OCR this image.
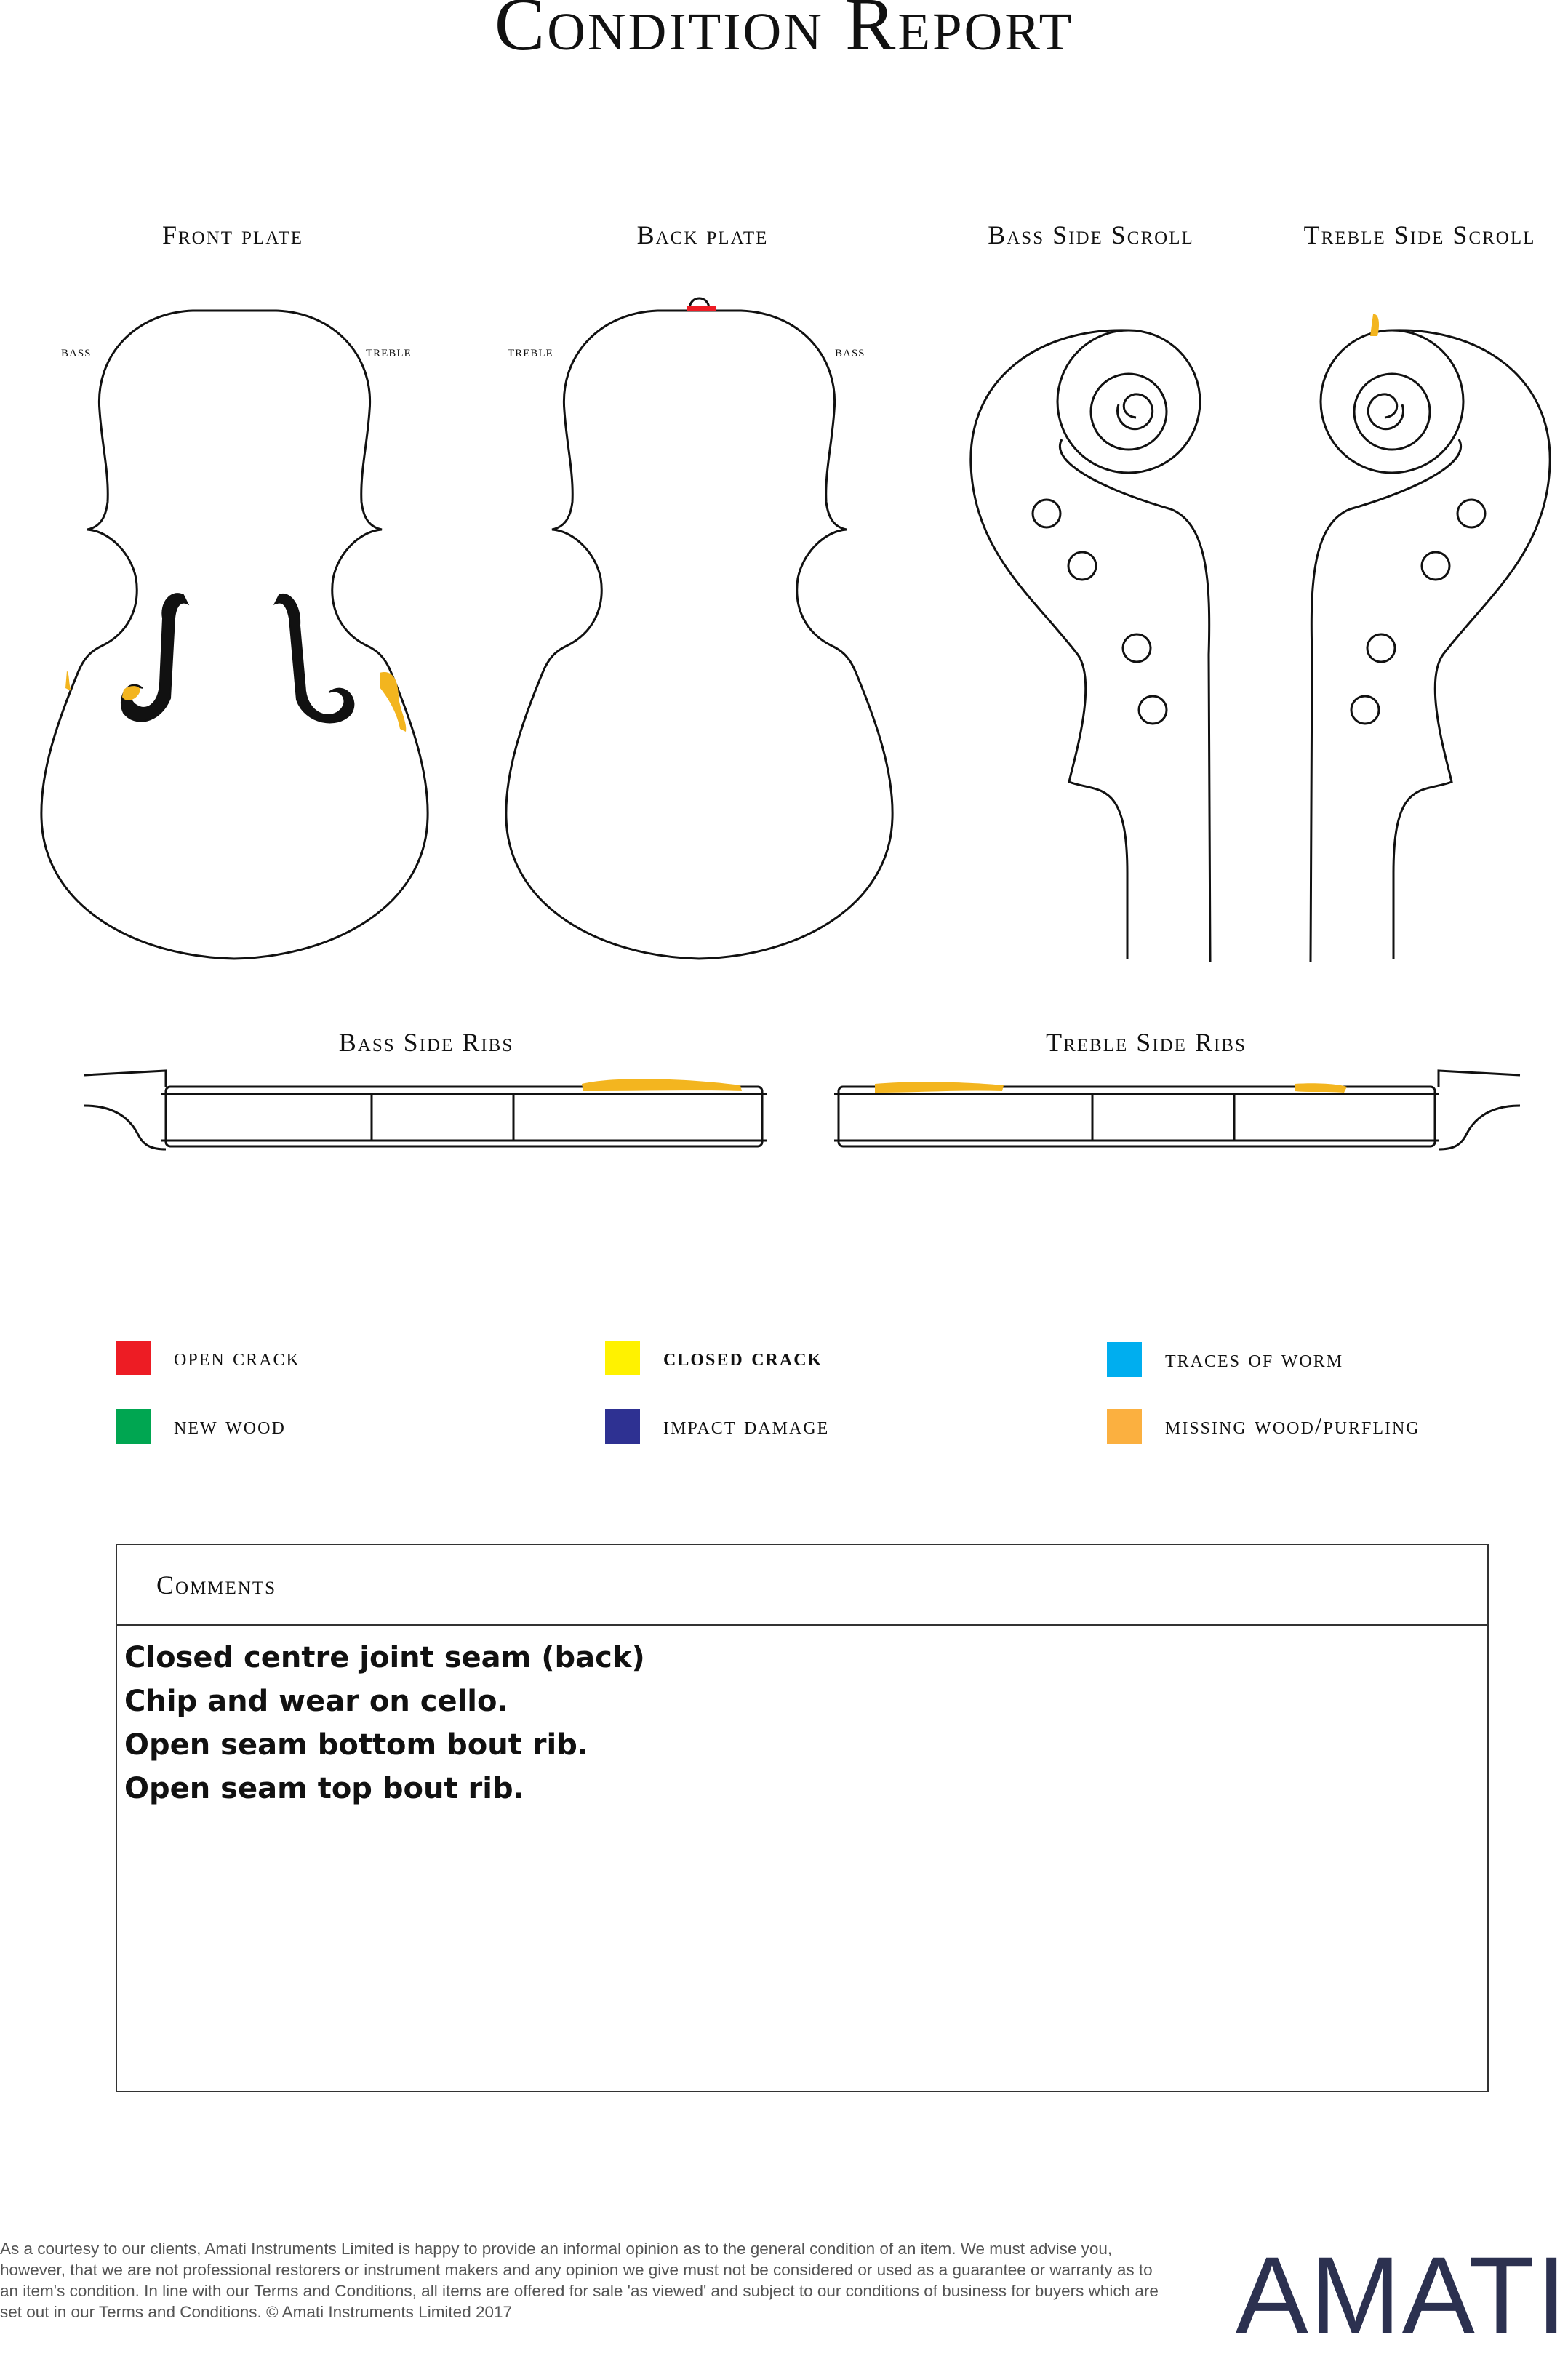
Condition Report
Front plate	Back plate	Bass Side Scroll	Treble Side Scroll
Bass Side Ribs	Treble Side Ribs
bass	treble	treble	bass
open crack	closed crack	traces of worm
new wood	impact damage	missing wood/purfling
Comments
Closed centre joint seam (back)
Chip and wear on cello.
Open seam bottom bout rib.
Open seam top bout rib.
As a courtesy to our clients, Amati Instruments Limited is happy to provide an informal opinion as to the general condition of an item. We must advise you, however, that we are not professional restorers or instrument makers and any opinion we give must not be considered or used as a guarantee or warranty as to an item's condition. In line with our Terms and Conditions, all items are offered for sale 'as viewed' and subject to our conditions of business for buyers which are set out in our Terms and Conditions. © Amati Instruments Limited 2017	AMATI
